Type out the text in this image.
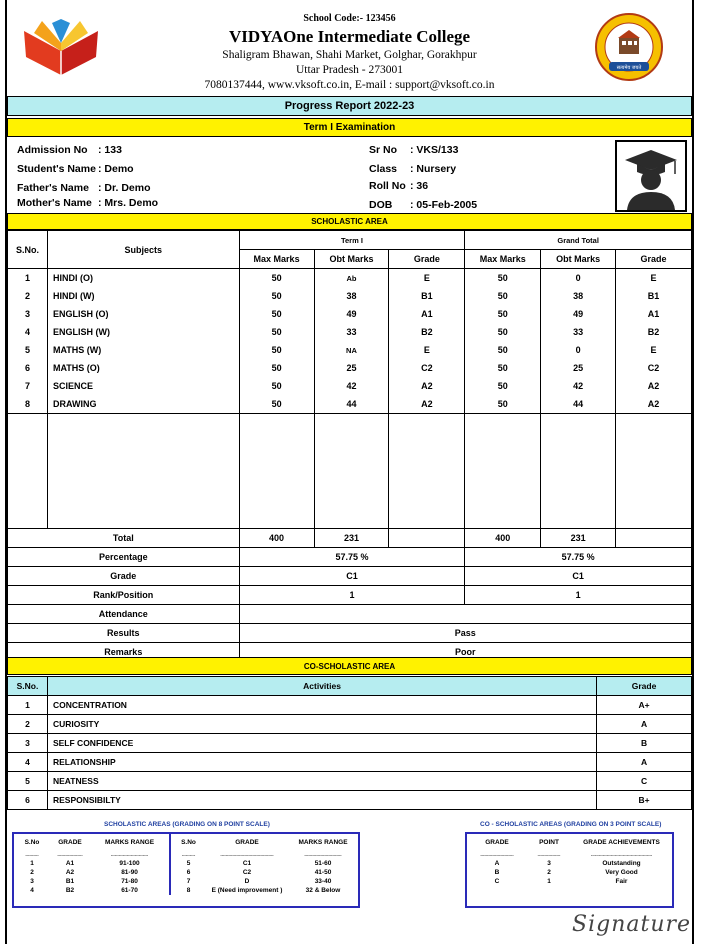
School Code:- 123456
VIDYAOne Intermediate College
Shaligram Bhawan, Shahi Market, Golghar, Gorakhpur
Uttar Pradesh - 273001
7080137444, www.vksoft.co.in, E-mail : support@vksoft.co.in
सत्यमेव जयते
Progress Report 2022-23
Term I Examination
Admission No : 133
Student's Name : Demo
Father's Name : Dr. Demo
Mother's Name : Mrs. Demo
Sr No : VKS/133
Class : Nursery
Roll No : 36
DOB : 05-Feb-2005
SCHOLASTIC AREA
S.No.	Subjects	Term I			Grand Total		
		Max Marks	Obt Marks	Grade	Max Marks	Obt Marks	Grade
1	HINDI (O)	50	Ab	E	50	0	E
2	HINDI (W)	50	38	B1	50	38	B1
3	ENGLISH (O)	50	49	A1	50	49	A1
4	ENGLISH (W)	50	33	B2	50	33	B2
5	MATHS (W)	50	NA	E	50	0	E
6	MATHS (O)	50	25	C2	50	25	C2
7	SCIENCE	50	42	A2	50	42	A2
8	DRAWING	50	44	A2	50	44	A2

Total		400	231		400	231	
Percentage		57.75 %			57.75 %		
Grade		C1			C1		
Rank/Position		1			1		
Attendance							
Results		Pass					
Remarks		Poor					
CO-SCHOLASTIC AREA
S.No.	Activities	Grade
1	CONCENTRATION	A+
2	CURIOSITY	A
3	SELF CONFIDENCE	B
4	RELATIONSHIP	A
5	NEATNESS	C
6	RESPONSIBILTY	B+
SCHOLASTIC AREAS (GRADING ON 8 POINT SCALE)
S.No	GRADE	MARKS RANGE	S.No	GRADE	MARKS RANGE
----------	-------------------	----------------------------	----------	----------------------------------------	----------------------------
1	A1	91-100	5	C1	51-60
2	A2	81-90	6	C2	41-50
3	B1	71-80	7	D	33-40
4	B2	61-70	8	E (Need improvement )	32 & Below
CO - SCHOLASTIC AREAS (GRADING ON 3 POINT SCALE)
GRADE	POINT	GRADE ACHIEVEMENTS
-------------------------	-----------------	----------------------------------------------
A	3	Outstanding
B	2	Very Good
C	1	Fair
Signature
